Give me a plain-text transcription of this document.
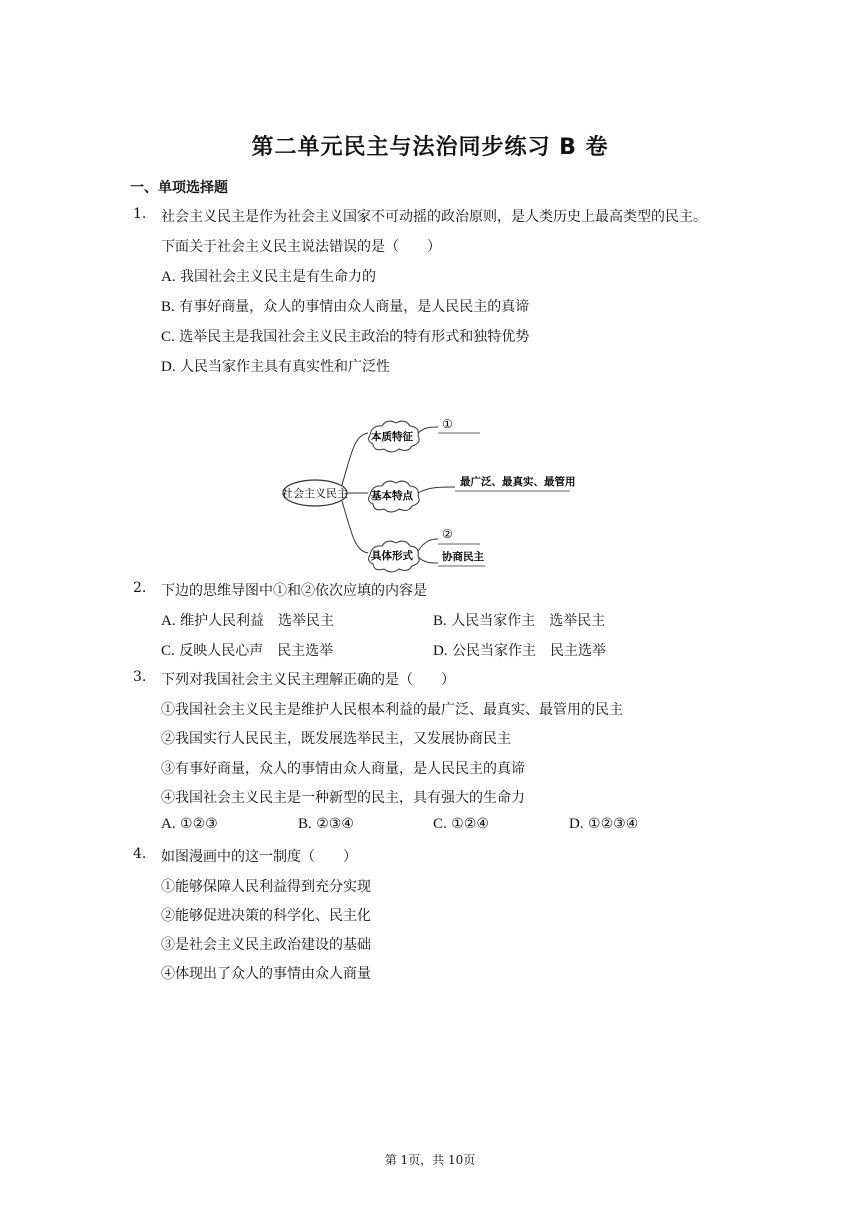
第二单元民主与法治同步练习 B 卷
一、单项选择题
1. 社会主义民主是作为社会主义国家不可动摇的政治原则，是人类历史上最高类型的民主。
下面关于社会主义民主说法错误的是（　　）
A. 我国社会主义民主是有生命力的
B. 有事好商量，众人的事情由众人商量，是人民民主的真谛
C. 选举民主是我国社会主义民主政治的特有形式和独特优势
D. 人民当家作主具有真实性和广泛性
社会主义民主
本质特征
①
基本特点
最广泛、最真实、最管用
具体形式
②
协商民主
2. 下边的思维导图中①和②依次应填的内容是
A. 维护人民利益　选举民主	B. 人民当家作主　选举民主
C. 反映人民心声　民主选举	D. 公民当家作主　民主选举
3. 下列对我国社会主义民主理解正确的是（　　）
①我国社会主义民主是维护人民根本利益的最广泛、最真实、最管用的民主
②我国实行人民民主，既发展选举民主，又发展协商民主
③有事好商量，众人的事情由众人商量，是人民民主的真谛
④我国社会主义民主是一种新型的民主，具有强大的生命力
A. ①②③	B. ②③④	C. ①②④	D. ①②③④
4. 如图漫画中的这一制度（　　）
①能够保障人民利益得到充分实现
②能够促进决策的科学化、民主化
③是社会主义民主政治建设的基础
④体现出了众人的事情由众人商量
第 1页，共 10页
